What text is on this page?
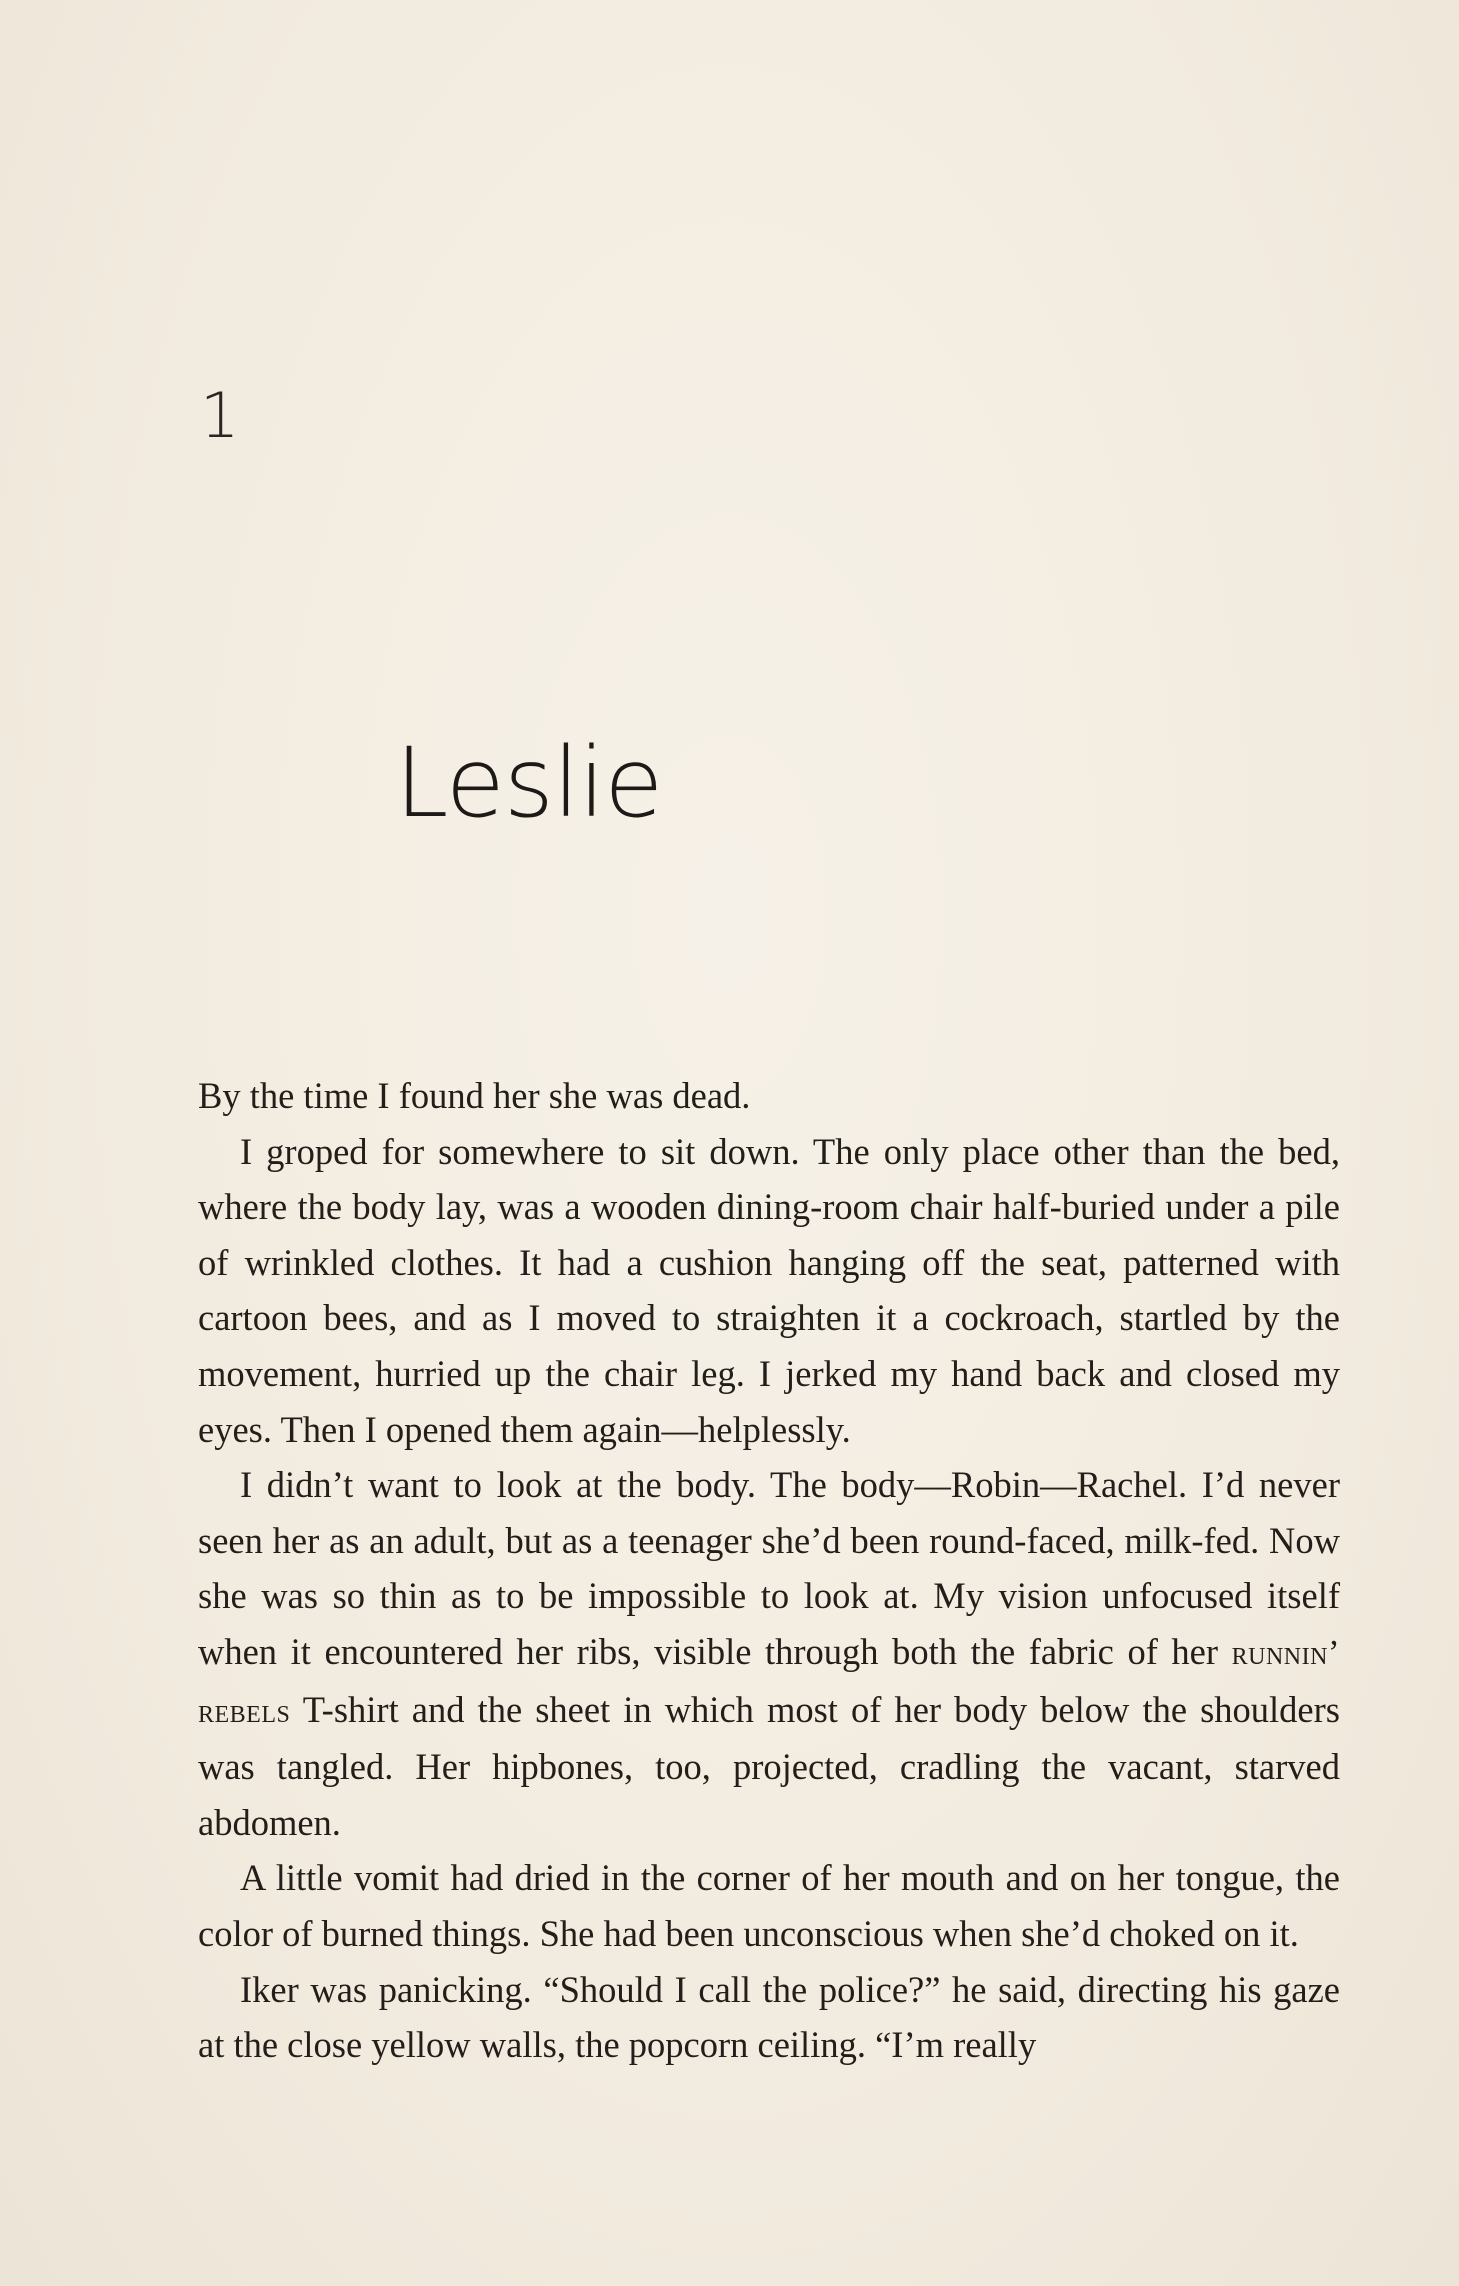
1
Leslie

By the time I found her she was dead.

I groped for somewhere to sit down. The only place other than the bed, where the body lay, was a wooden dining-room chair half-buried under a pile of wrinkled clothes. It had a cushion hanging off the seat, patterned with cartoon bees, and as I moved to straighten it a cockroach, startled by the movement, hurried up the chair leg. I jerked my hand back and closed my eyes. Then I opened them again—helplessly.

I didn’t want to look at the body. The body—Robin—Rachel. I’d never seen her as an adult, but as a teenager she’d been round-faced, milk-fed. Now she was so thin as to be impossible to look at. My vision unfocused itself when it encountered her ribs, visible through both the fabric of her runnin’ rebels T-shirt and the sheet in which most of her body below the shoulders was tangled. Her hipbones, too, projected, cradling the vacant, starved abdomen.

A little vomit had dried in the corner of her mouth and on her tongue, the color of burned things. She had been unconscious when she’d choked on it.

Iker was panicking. “Should I call the police?” he said, directing his gaze at the close yellow walls, the popcorn ceiling. “I’m really
